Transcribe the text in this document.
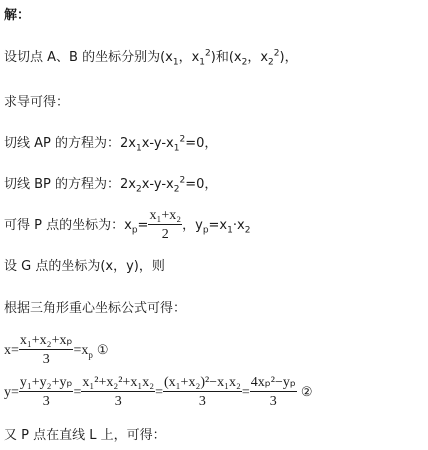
解：
设切点 A、B 的坐标分别为($x_1$，$x_1^2$)和($x_2$，$x_2^2$)，
求导可得：
切线 AP 的方程为：$2x_1x-y-x_1^2=0$，
切线 BP 的方程为：$2x_2x-y-x_2^2=0$，
可得 P 点的坐标为：$x_p= \frac{\text{x₁+x₂}}{2}$ ，$y_p=x_1\cdot x_2$
设 G 点的坐标为(x，y)，则
根据三角形重心坐标公式可得：
$x= \frac{\text{x₁+x₂+xₚ}}{3} =x_p$ ①
$y= \frac{\text{y₁+y₂+yₚ}}{3} = \frac{\text{x₁²+x₂²+x₁x₂}}{3} = \frac{\text{(x₁+x₂)²−x₁x₂}}{3} = \frac{\text{4xₚ²−yₚ}}{3}$ ②
又 P 点在直线 L 上，可得：
